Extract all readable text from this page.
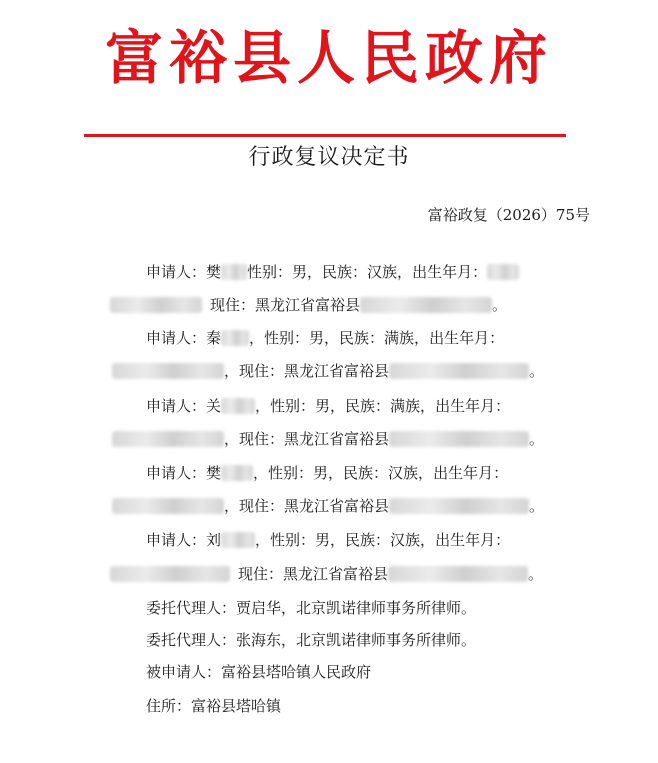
富裕县人民政府
行政复议决定书
富裕政复（2026）75号
申请人：樊 性别：男，民族：汉族，出生年月：
现住：黑龙江省富裕县	。
申请人：秦 ，性别：男，民族：满族，出生年月：
，现住：黑龙江省富裕县	。
申请人：关 ，性别：男，民族：满族，出生年月：
，现住：黑龙江省富裕县	。
申请人：樊 ，性别：男，民族：汉族，出生年月：
，现住：黑龙江省富裕县	。
申请人：刘 ，性别：男，民族：汉族，出生年月：
现住：黑龙江省富裕县	。
委托代理人：贾启华，北京凯诺律师事务所律师。
委托代理人：张海东，北京凯诺律师事务所律师。
被申请人：富裕县塔哈镇人民政府
住所：富裕县塔哈镇
